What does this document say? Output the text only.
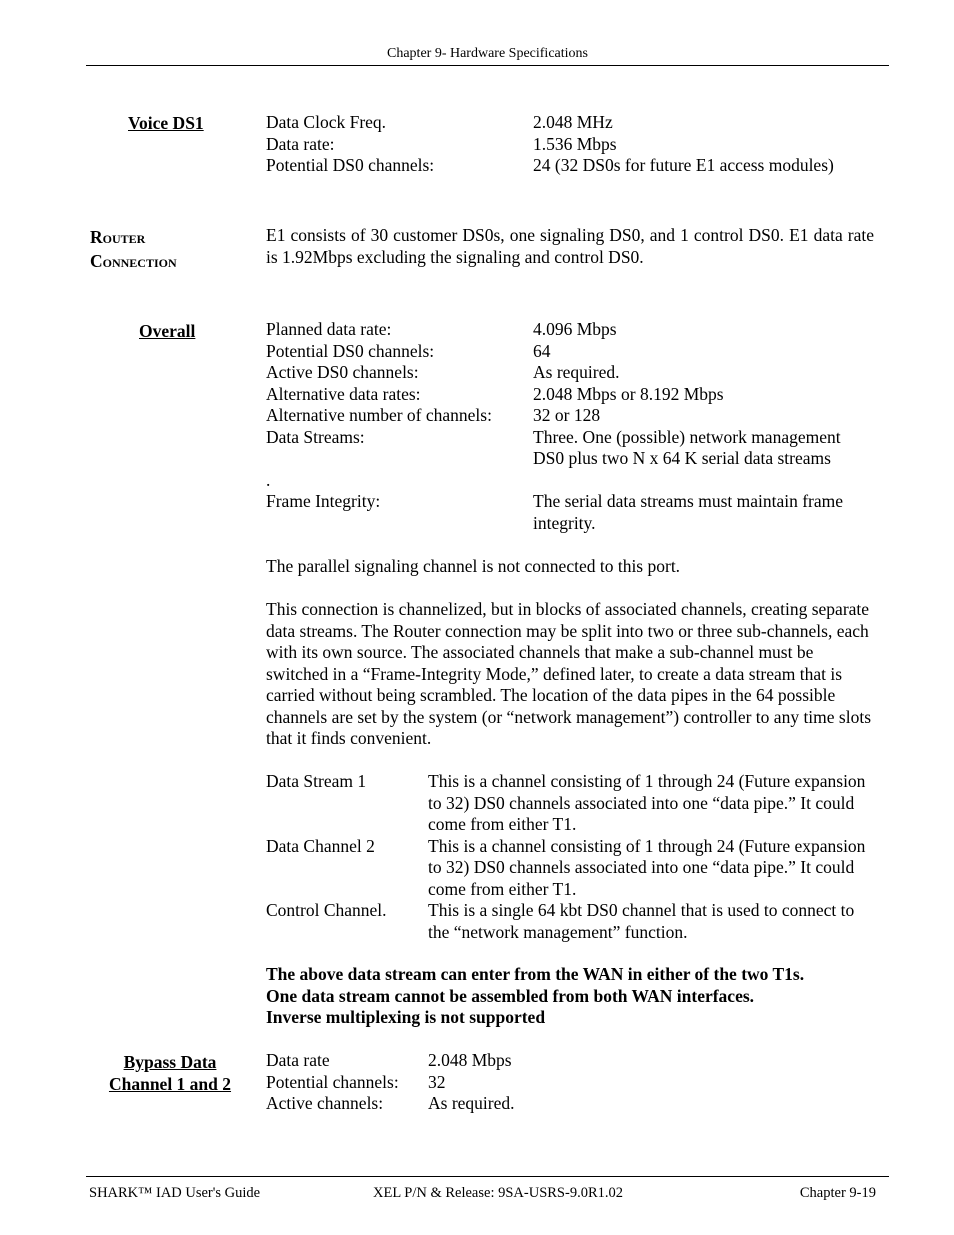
Chapter 9- Hardware Specifications
Voice DS1	Data Clock Freq.	2.048 MHz
Data rate:	1.536 Mbps
Potential DS0 channels:	24 (32 DS0s for future E1 access modules)
Router
Connection
E1 consists of 30 customer DS0s, one signaling DS0, and 1 control DS0. E1 data rate is 1.92Mbps excluding the signaling and control DS0.
Overall	Planned data rate:	4.096 Mbps
Potential DS0 channels:	64
Active DS0 channels:	As required.
Alternative data rates:	2.048 Mbps or 8.192 Mbps
Alternative number of channels: 32 or 128
Data Streams:	Three. One (possible) network management DS0 plus two N x 64 K serial data streams
.
Frame Integrity:	The serial data streams must maintain frame integrity.
The parallel signaling channel is not connected to this port.
This connection is channelized, but in blocks of associated channels, creating separate data streams. The Router connection may be split into two or three sub-channels, each with its own source. The associated channels that make a sub-channel must be switched in a “Frame-Integrity Mode,” defined later, to create a data stream that is carried without being scrambled. The location of the data pipes in the 64 possible channels are set by the system (or “network management”) controller to any time slots that it finds convenient.
Data Stream 1	This is a channel consisting of 1 through 24 (Future expansion to 32) DS0 channels associated into one “data pipe.” It could come from either T1.
Data Channel 2	This is a channel consisting of 1 through 24 (Future expansion to 32) DS0 channels associated into one “data pipe.” It could come from either T1.
Control Channel. This is a single 64 kbt DS0 channel that is used to connect to the “network management” function.
The above data stream can enter from the WAN in either of the two T1s.
One data stream cannot be assembled from both WAN interfaces.
Inverse multiplexing is not supported
Bypass Data
Channel 1 and 2
Data rate	2.048 Mbps
Potential channels: 32
Active channels:	As required.
SHARK™ IAD User's Guide	XEL P/N & Release: 9SA-USRS-9.0R1.02	Chapter 9-19
